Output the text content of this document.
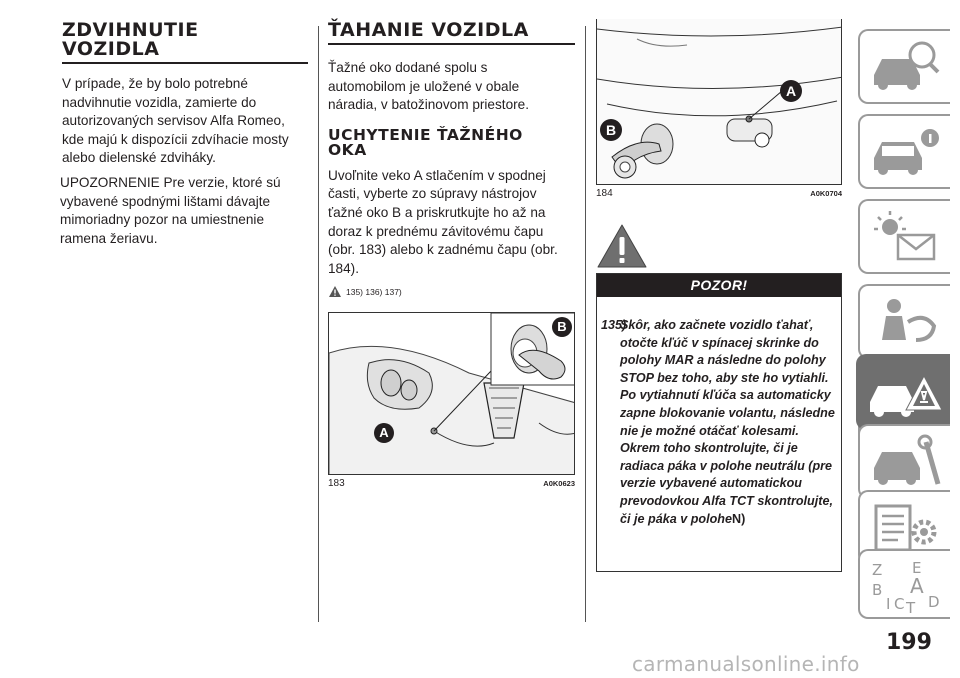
ZDVIHNUTIE VOZIDLA

V prípade, že by bolo potrebné nadvihnutie vozidla, zamierte do autorizovaných servisov Alfa Romeo, kde majú k dispozícii zdvíhacie mosty alebo dielenské zdviháky.

UPOZORNENIE Pre verzie, ktoré sú vybavené spodnými lištami dávajte mimoriadny pozor na umiestnenie ramena žeriavu.

ŤAHANIE VOZIDLA

Ťažné oko dodané spolu s automobilom je uložené v obale náradia, v batožinovom priestore.

UCHYTENIE ŤAŽNÉHO OKA

Uvoľnite veko A stlačením v spodnej časti, vyberte zo súpravy nástrojov ťažné oko B a priskrutkujte ho až na doraz k prednému závitovému čapu (obr. 183) alebo k zadnému čapu (obr. 184).

135) 136) 137)
A
B
183	A0K0623
A
B
184	A0K0704
POZOR!
135)
Skôr, ako začnete vozidlo ťahať, otočte kľúč v spínacej skrinke do polohy MAR a následne do polohy STOP bez toho, aby ste ho vytiahli. Po vytiahnutí kľúča sa automaticky zapne blokovanie volantu, následne nie je možné otáčať kolesami. Okrem toho skontrolujte, či je radiaca páka v polohe neutrálu (pre verzie vybavené automatickou prevodovkou Alfa TCT skontrolujte, či je páka v poloheN)
Z E
B A
I C T D
199
carmanualsonline.info
